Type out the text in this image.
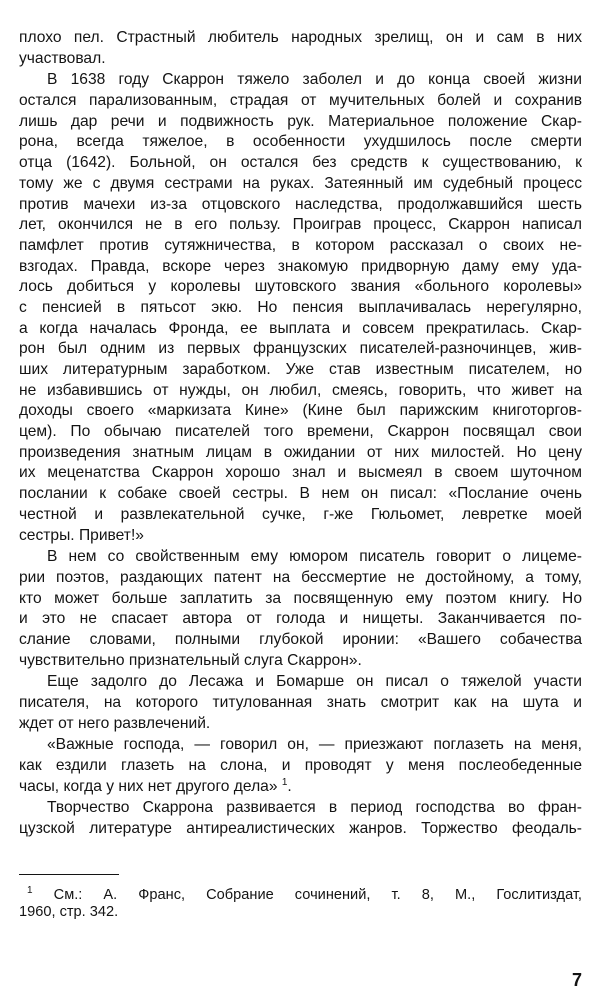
плохо пел. Страстный любитель народных зрелищ, он и сам в них
участвовал.
В 1638 году Скаррон тяжело заболел и до конца своей жизни
остался парализованным, страдая от мучительных болей и сохранив
лишь дар речи и подвижность рук. Материальное положение Скар-
рона, всегда тяжелое, в особенности ухудшилось после смерти
отца (1642). Больной, он остался без средств к существованию, к
тому же с двумя сестрами на руках. Затеянный им судебный процесс
против мачехи из-за отцовского наследства, продолжавшийся шесть
лет, окончился не в его пользу. Проиграв процесс, Скаррон написал
памфлет против сутяжничества, в котором рассказал о своих не-
взгодах. Правда, вскоре через знакомую придворную даму ему уда-
лось добиться у королевы шутовского звания «больного королевы»
с пенсией в пятьсот экю. Но пенсия выплачивалась нерегулярно,
а когда началась Фронда, ее выплата и совсем прекратилась. Скар-
рон был одним из первых французских писателей-разночинцев, жив-
ших литературным заработком. Уже став известным писателем, но
не избавившись от нужды, он любил, смеясь, говорить, что живет на
доходы своего «маркизата Кине» (Кине был парижским книготоргов-
цем). По обычаю писателей того времени, Скаррон посвящал свои
произведения знатным лицам в ожидании от них милостей. Но цену
их меценатства Скаррон хорошо знал и высмеял в своем шуточном
послании к собаке своей сестры. В нем он писал: «Послание очень
честной и развлекательной сучке, г-же Гюльомет, левретке моей
сестры. Привет!»
В нем со свойственным ему юмором писатель говорит о лицеме-
рии поэтов, раздающих патент на бессмертие не достойному, а тому,
кто может больше заплатить за посвященную ему поэтом книгу. Но
и это не спасает автора от голода и нищеты. Заканчивается по-
слание словами, полными глубокой иронии: «Вашего собачества
чувствительно признательный слуга Скаррон».
Еще задолго до Лесажа и Бомарше он писал о тяжелой участи
писателя, на которого титулованная знать смотрит как на шута и
ждет от него развлечений.
«Важные господа, — говорил он, — приезжают поглазеть на меня,
как ездили глазеть на слона, и проводят у меня послеобеденные
часы, когда у них нет другого дела» $^1$.
Творчество Скаррона развивается в период господства во фран-
цузской литературе антиреалистических жанров. Торжество феодаль-
$^1$ См.: А. Франс, Собрание сочинений, т. 8, М., Гослитиздат,
1960, стр. 342.
7
